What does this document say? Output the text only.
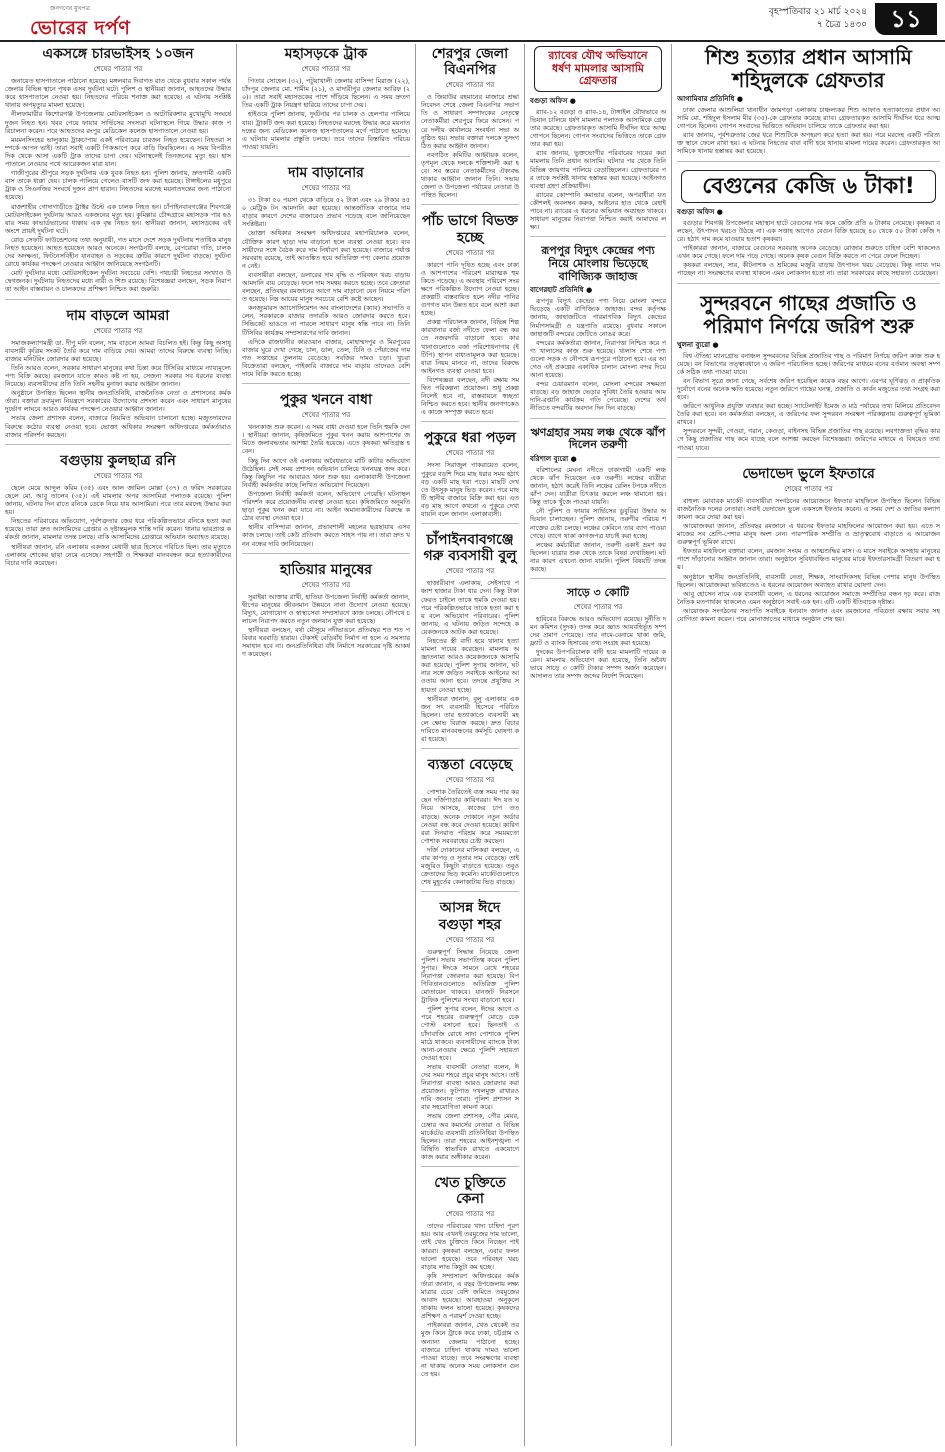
জনগণের মুখপত্র
ভোরের দর্পণ
বৃহস্পতিবার ২১ মার্চ ২০২৪
৭ চৈত্র ১৪৩০ ১১
একসঙ্গে চারভাইসহ ১০জন
শেষের পাতার পর

জনায়েত হাসপাতালে পাঠানো হয়েছে। মঙ্গলবার দিবাগত রাত থেকে বুধবার সকাল পর্যন্ত জেলার বিভিন্ন স্থানে পৃথক এসব দুর্ঘটনা ঘটে। পুলিশ ও স্থানীয়রা জানান, আহতদের উদ্ধার করে হাসপাতালে নেওয়া হয়। নিহতদের পরিচয় শনাক্ত করা হয়েছে। এ ঘটনায় সংশ্লিষ্ট থানায় অপমৃত্যুর মামলা হয়েছে।

নীলফামারীর কিশোরগঞ্জ উপজেলায় মোটরসাইকেল ও অটোরিকশার মুখোমুখি সংঘর্ষে দুজন নিহত হন। খবর পেয়ে ফায়ার সার্ভিসের সদস্যরা ঘটনাস্থলে গিয়ে উদ্ধার কাজ পরিচালনা করেন। পরে আহতদের রংপুর মেডিকেল কলেজ হাসপাতালে নেওয়া হয়।

ময়মনসিংহের ভালুকায় ট্রাকচাপায় একই পরিবারের চারজন নিহত হয়েছেন। নিহতরা সম্পর্কে আপন ভাই। তারা সবাই একটি পিকআপে করে বাড়ি ফিরছিলেন। এ সময় বিপরীত দিক থেকে আসা একটি ট্রাক তাদের চাপা দেয়। ঘটনাস্থলেই তিনজনের মৃত্যু হয়। হাসপাতালে নেওয়ার পথে আরেকজন মারা যান।

গাজীপুরের শ্রীপুরে সড়ক দুর্ঘটনায় এক যুবক নিহত হন। পুলিশ জানায়, দ্রুতগামী একটি বাস তাকে ধাক্কা দেয়। চালক পালিয়ে গেলেও বাসটি জব্দ করা হয়েছে। টাঙ্গাইলের মধুপুরে ট্রাক ও সিএনজির সংঘর্ষে দুজন প্রাণ হারান। নিহতদের মরদেহ ময়নাতদন্তের জন্য পাঠানো হয়েছে।

রাজশাহীর গোদাগাড়ীতে ট্রাক্টর উল্টে এক চালক নিহত হন। চাঁপাইনবাবগঞ্জের শিবগঞ্জে মোটরসাইকেল দুর্ঘটনায় আরও একজনের মৃত্যু হয়। কুমিল্লার চৌদ্দগ্রামে মহাসড়ক পার হওয়ার সময় কাভার্ডভ্যানের ধাক্কায় এক বৃদ্ধ নিহত হন। স্থানীয়রা জানান, মহাসড়কের এই অংশে প্রায়ই দুর্ঘটনা ঘটে।

রোড সেফটি ফাউন্ডেশনের তথ্য অনুযায়ী, গত মাসে দেশে সড়ক দুর্ঘটনায় শতাধিক মানুষ নিহত হয়েছেন। আহত হয়েছেন আরও অনেকে। সংগঠনটি বলছে, বেপরোয়া গতি, চালকদের অদক্ষতা, ফিটনেসবিহীন যানবাহন ও সড়কের ত্রুটির কারণে দুর্ঘটনা বাড়ছে। দুর্ঘটনা রোধে কার্যকর পদক্ষেপ নেওয়ার আহ্বান জানিয়েছে সংগঠনটি।

মোট দুর্ঘটনার মধ্যে মোটরসাইকেল দুর্ঘটনা সবচেয়ে বেশি। পথচারী নিহতের সংখ্যাও উদ্বেগজনক। দুর্ঘটনায় নিহতদের মধ্যে নারী ও শিশু রয়েছে। বিশেষজ্ঞরা বলছেন, সড়ক নিরাপত্তা আইন বাস্তবায়ন ও চালকদের প্রশিক্ষণ নিশ্চিত করা জরুরি।

দাম বাড়লে আমরা
শেষের পাতার পর

সমাজকল্যাণমন্ত্রী ডা. দীপু মনি বলেন, দাম বাড়লে আমরা বিচলিত হই। কিন্তু কিছু অসাধু ব্যবসায়ী কৃত্রিম সংকট তৈরি করে দাম বাড়িয়ে দেয়। আমরা তাদের বিরুদ্ধে ব্যবস্থা নিচ্ছি। বাজার মনিটরিং জোরদার করা হয়েছে।

তিনি আরও বলেন, সরকার সাধারণ মানুষের কথা চিন্তা করে টিসিবির মাধ্যমে ন্যায্যমূল্যে পণ্য বিক্রি করছে। রমজানে যাতে কারও কষ্ট না হয়, সেজন্য সরকার সব ধরনের ব্যবস্থা নিয়েছে। ব্যবসায়ীদের প্রতি তিনি সহনীয় মুনাফা করার আহ্বান জানান।

অনুষ্ঠানে উপস্থিত ছিলেন স্থানীয় জনপ্রতিনিধি, রাজনৈতিক নেতা ও প্রশাসনের কর্মকর্তারা। বক্তারা দ্রব্যমূল্য নিয়ন্ত্রণে সরকারের উদ্যোগের প্রশংসা করেন এবং সাধারণ মানুষের দুর্ভোগ লাঘবে আরও কার্যকর পদক্ষেপ নেওয়ার আহ্বান জানান।

সভায় জেলা প্রশাসক বলেন, বাজারে নিয়মিত অভিযান চালানো হচ্ছে। মজুতদারদের বিরুদ্ধে কঠোর ব্যবস্থা নেওয়া হবে। ভোক্তা অধিকার সংরক্ষণ অধিদপ্তরের কর্মকর্তারাও বাজার পরিদর্শন করছেন।

বগুড়ায় কুলছাত্র রনি
শেষের পাতার পর

ছেলে মেয়ে আব্দুল করিম (৩৫) এবং আল জামিল মোল্লা (৩৭) ও ফরিদ সরকারের ছেলে মো. আবু তালেব (৩৫)। এই মামলার অপর আসামিরা পলাতক রয়েছে। পুলিশ জানায়, ঘটনার দিন রাতে রনিকে ডেকে নিয়ে যায় আসামিরা। পরে তার মরদেহ উদ্ধার করা হয়।

নিহতের পরিবারের অভিযোগ, পূর্বশত্রুতার জের ধরে পরিকল্পিতভাবে রনিকে হত্যা করা হয়েছে। তারা দ্রুত আসামিদের গ্রেপ্তার ও দৃষ্টান্তমূলক শাস্তি দাবি করেন। থানার ভারপ্রাপ্ত কর্মকর্তা জানান, মামলার তদন্ত চলছে। বাকি আসামিদের গ্রেপ্তারে অভিযান অব্যাহত রয়েছে।

স্থানীয়রা জানান, রনি এলাকায় একজন মেধাবী ছাত্র হিসেবে পরিচিত ছিল। তার মৃত্যুতে এলাকায় শোকের ছায়া নেমে এসেছে। সহপাঠী ও শিক্ষকরা মানববন্ধন করে হত্যাকারীদের বিচার দাবি করেছেন।

মহাসড়কে ট্রাক
শেষের পাতার পর

পিতার সোহেল (৩২), পটুয়াখালী জেলার বাসিন্দা মিরাজ (২২), চাঁদপুর জেলার মো. শামীম (২১), ও মাদারীপুর জেলার আরিফ (২০)। তারা সবাই মহাসড়কের পাশে দাঁড়িয়ে ছিলেন। এ সময় দ্রুতগতির একটি ট্রাক নিয়ন্ত্রণ হারিয়ে তাদের চাপা দেয়।

হাইওয়ে পুলিশ জানায়, দুর্ঘটনার পর চালক ও হেলপার পালিয়ে যায়। ট্রাকটি জব্দ করা হয়েছে। নিহতদের মরদেহ উদ্ধার করে ময়নাতদন্তের জন্য মেডিকেল কলেজ হাসপাতালের মর্গে পাঠানো হয়েছে। এ ঘটনায় মামলার প্রস্তুতি চলছে। তবে তাদের বিস্তারিত পরিচয় পাওয়া যায়নি।

দাম বাড়ানোর
শেষের পাতার পর

৩১ টাকা ৫০ পয়সা থেকে বাড়িয়ে ৫২ টাকা এবং ২৯ টাকার ৪৫০ মেট্রিক টন আমদানি করা হয়েছে। আন্তর্জাতিক বাজারে দাম বাড়ার কারণে দেশের বাজারেও প্রভাব পড়েছে বলে জানিয়েছেন সংশ্লিষ্টরা।

ভোক্তা অধিকার সংরক্ষণ অধিদপ্তরের মহাপরিচালক বলেন, যৌক্তিক কারণ ছাড়া দাম বাড়ানো হলে ব্যবস্থা নেওয়া হবে। ব্যবসায়ীদের সঙ্গে বৈঠক করে দাম নির্ধারণ করা হয়েছে। বাজারে পর্যাপ্ত সরবরাহ রয়েছে, তাই আতঙ্কিত হয়ে অতিরিক্ত পণ্য কেনার প্রয়োজন নেই।

ব্যবসায়ীরা বলছেন, ডলারের দাম বৃদ্ধি ও পরিবহন খরচ বাড়ায় আমদানি ব্যয় বেড়েছে। ফলে দাম সমন্বয় করতে হচ্ছে। তবে ক্রেতারা বলছেন, প্রতিবছর রমজানের আগে দাম বাড়ানো যেন নিয়মে পরিণত হয়েছে। নিম্ন আয়ের মানুষ সবচেয়ে বেশি কষ্টে আছেন।

কনজ্যুমারস অ্যাসোসিয়েশন অব বাংলাদেশের (ক্যাব) সভাপতি বলেন, সরকারকে বাজার তদারকি আরও জোরদার করতে হবে। সিন্ডিকেট ভাঙতে না পারলে সাধারণ মানুষ স্বস্তি পাবে না। তিনি টিসিবির কার্যক্রম সম্প্রসারণের দাবি জানান।

এদিকে রাজধানীর কারওয়ান বাজার, মোহাম্মদপুর ও মিরপুরের বাজার ঘুরে দেখা গেছে, চাল, ডাল, তেল, চিনি ও পেঁয়াজের দাম গত সপ্তাহের তুলনায় বেড়েছে। সবজির দামও চড়া। খুচরা বিক্রেতারা বলছেন, পাইকারি বাজারে দাম বাড়ায় তাদেরও বেশি দামে বিক্রি করতে হচ্ছে।

পুকুর খননে বাধা
শেষের পাতার পর

খননকাজ শুরু করেন। এ সময় বাধা দেওয়া হলে তিনি হুমকি দেন। স্থানীয়রা জানান, কৃষিজমিতে পুকুর খনন করায় আশপাশের জমিতে জলাবদ্ধতার আশঙ্কা তৈরি হয়েছে। এতে কৃষকরা ক্ষতিগ্রস্ত হবেন।

কিছু দিন আগে ওই এলাকায় অবৈধভাবে মাটি কাটার অভিযোগ উঠেছিল। সেই সময় প্রশাসন অভিযান চালিয়ে খননযন্ত্র জব্দ করে। কিন্তু কিছুদিন পর আবারও খনন শুরু হয়। এলাকাবাসী উপজেলা নির্বাহী কর্মকর্তার কাছে লিখিত অভিযোগ দিয়েছেন।

উপজেলা নির্বাহী কর্মকর্তা বলেন, অভিযোগ পেয়েছি। ঘটনাস্থল পরিদর্শন করে প্রয়োজনীয় ব্যবস্থা নেওয়া হবে। কৃষিজমিতে অনুমতি ছাড়া পুকুর খনন করা যাবে না। আইন অমান্যকারীদের বিরুদ্ধে কঠোর ব্যবস্থা নেওয়া হবে।

স্থানীয় বাসিন্দারা জানান, প্রভাবশালী মহলের ছত্রছায়ায় এসব কাজ চলছে। তাই কেউ প্রতিবাদ করতে সাহস পায় না। তারা দ্রুত খনন বন্ধের দাবি জানিয়েছেন।

হাতিয়ার মানুষের
শেষের পাতার পর

সুরাইয়া আক্তার রাখী, হাতিয়া উপজেলা নির্বাহী কর্মকর্তা জানান, দ্বীপের মানুষের জীবনমান উন্নয়নে নানা উদ্যোগ নেওয়া হয়েছে। বিদ্যুৎ, যোগাযোগ ও স্বাস্থ্যসেবা সম্প্রসারণে কাজ চলছে। নৌপথে চলাচল নিরাপদ করতে নতুন জলযান যুক্ত করা হয়েছে।

স্থানীয়রা বলছেন, বর্ষা মৌসুমে নদীভাঙনে প্রতিবছর শত শত পরিবার ঘরবাড়ি হারায়। টেকসই বেড়িবাঁধ নির্মাণ না হলে এ সমস্যার সমাধান হবে না। জনপ্রতিনিধিরা বাঁধ নির্মাণে সরকারের দৃষ্টি আকর্ষণ করেছেন।

শেরপুর জেলা বিএনপির
শেষের পাতার পর

ও জিয়াউর রহমানের মাজারে শ্রদ্ধা নিবেদন শেষে জেলা বিএনপির সভাপতি ও সাধারণ সম্পাদকের নেতৃত্বে নেতাকর্মীরা শেরপুরে ফিরে আসেন। পরে দলীয় কার্যালয়ে সংবর্ধনা সভা অনুষ্ঠিত হয়। সভায় বক্তারা দলকে সুসংগঠিত করার আহ্বান জানান।

নবগঠিত কমিটির আহ্বায়ক বলেন, তৃণমূল থেকে দলকে শক্তিশালী করা হবে। সব স্তরের নেতাকর্মীদের ঐক্যবদ্ধ থাকার আহ্বান জানান তিনি। সভায় জেলা ও উপজেলা পর্যায়ের নেতারা উপস্থিত ছিলেন।

পাঁচ ভাগে বিভক্ত হচ্ছে
শেষের পাতার পর

কারণে পানি দূষিত হচ্ছে এবং ঢাকা ও আশপাশের পরিবেশ মারাত্মক হুমকিতে পড়েছে। এ অবস্থায় পরিবেশ সংরক্ষণে পরিকল্পিত উদ্যোগ নেওয়া হচ্ছে। প্রকল্পটি বাস্তবায়িত হলে নদীর পানির গুণগত মান উন্নত হবে বলে আশা করা হচ্ছে।

প্রকল্প পরিচালক জানান, বিভিন্ন শিল্পকারখানার বর্জ্য নদীতে ফেলা বন্ধ করতে নজরদারি বাড়ানো হবে। কারখানাগুলোতে বর্জ্য পরিশোধনাগার (ইটিপি) স্থাপন বাধ্যতামূলক করা হয়েছে। যারা নিয়ম মানবে না, তাদের বিরুদ্ধে আইনগত ব্যবস্থা নেওয়া হবে।

বিশেষজ্ঞরা বলছেন, নদী রক্ষায় সমন্বিত পরিকল্পনা প্রয়োজন। শুধু প্রকল্প নিলেই হবে না, বাস্তবায়নে স্বচ্ছতা নিশ্চিত করতে হবে। স্থানীয় জনগণকেও এ কাজে সম্পৃক্ত করতে হবে।

পুকুরে ধরা পড়ল
শেষের পাতার পর

সদস্য সিরাজুল পাকরায়েত বলেন, পুকুরে বড়শি দিয়ে মাছ ধরার সময় হঠাৎ বড় একটি মাছ ধরা পড়ে। মাছটি দেখতে উৎসুক মানুষ ভিড় করেন। পরে মাছটি স্থানীয় বাজারে বিক্রি করা হয়। এত বড় মাছ আগে কখনো এ পুকুরে দেখা যায়নি বলে জানান এলাকাবাসী।

চাঁপাইনবাবগঞ্জে গরু ব্যবসায়ী বুলু
শেষের পাতার পর

হাজারীবাগ এলাকায়, সেইসাথে পঞ্চাশ হাজার টাকা ধার দেন। কিন্তু টাকা ফেরত চাইলে তাকে হুমকি দেওয়া হয়। পরে পরিকল্পিতভাবে তাকে হত্যা করা হয় বলে অভিযোগ পরিবারের। পুলিশ জানায়, এ ঘটনায় জড়িত সন্দেহে কয়েকজনকে আটক করা হয়েছে।

নিহতের স্ত্রী বাদী হয়ে থানায় হত্যা মামলা দায়ের করেছেন। মামলায় অজ্ঞাতনামা আরও কয়েকজনকে আসামি করা হয়েছে। পুলিশ সুপার জানান, ঘটনার সঙ্গে জড়িত সবাইকে আইনের আওতায় আনা হবে। তদন্তে প্রযুক্তির সহায়তা নেওয়া হচ্ছে।

স্থানীয়রা জানান, বুলু এলাকায় একজন সৎ ব্যবসায়ী হিসেবে পরিচিত ছিলেন। তার হত্যাকাণ্ডে ব্যবসায়ী মহলে ক্ষোভ বিরাজ করছে। দ্রুত বিচার দাবিতে মানববন্ধনের কর্মসূচি ঘোষণা করা হয়েছে।

ব্যস্ততা বেড়েছে
শেষের পাতার পর

পোশাক তৈরিতেই ব্যস্ত সময় পার করছেন দর্জিপাড়ার কারিগররা। ঈদ যত ঘনিয়ে আসছে, কাজের চাপ তত বাড়ছে। অনেক দোকানে নতুন অর্ডার নেওয়া বন্ধ করে দেওয়া হয়েছে। কারিগররা দিনরাত পরিশ্রম করে সময়মতো পোশাক সরবরাহের চেষ্টা করছেন।

দর্জি দোকানের মালিকরা বলছেন, এবার কাপড় ও সুতার দাম বেড়েছে। তাই মজুরিও কিছুটা বাড়াতে হয়েছে। তবুও ক্রেতাদের ভিড় কমেনি। মার্কেটগুলোতে শেষ মুহূর্তের কেনাকাটায় ভিড় বাড়ছে।

আসন্ন ঈদে বগুড়া শহর
শেষের পাতার পর

গুরুত্বপূর্ণ সিদ্ধান্ত নিয়েছে জেলা পুলিশ। সভায় সভাপতিত্ব করেন পুলিশ সুপার। ঈদকে সামনে রেখে শহরের নিরাপত্তা জোরদার করা হয়েছে। বিপণিবিতানগুলোতে অতিরিক্ত পুলিশ মোতায়েন থাকবে। যানজট নিরসনে ট্রাফিক পুলিশের সংখ্যা বাড়ানো হবে।

পুলিশ সুপার বলেন, ঈদের আগে ও পরে শহরের গুরুত্বপূর্ণ মোড়ে চেকপোস্ট বসানো হবে। ছিনতাই ও চাঁদাবাজি রোধে সাদা পোশাকে পুলিশ মাঠে থাকবে। ব্যবসায়ীদের ব্যাংকে টাকা আনা-নেওয়ার ক্ষেত্রে পুলিশি সহায়তা দেওয়া হবে।

সভায় ব্যবসায়ী নেতারা বলেন, ঈদের সময় শহরে প্রচুর মানুষ আসে। তাই নিরাপত্তা ব্যবস্থা আরও জোরদার করা প্রয়োজন। ফুটপাত দখলমুক্ত রাখারও দাবি জানান তারা। পুলিশ প্রশাসন সবার সহযোগিতা কামনা করে।

সভায় জেলা প্রশাসক, পৌর মেয়র, চেম্বার অব কমার্সের নেতারা ও বিভিন্ন মার্কেটের ব্যবসায়ী প্রতিনিধিরা উপস্থিত ছিলেন। তারা শহরের আইনশৃঙ্খলা পরিস্থিতি স্বাভাবিক রাখতে একযোগে কাজ করার অঙ্গীকার করেন।

খেত চুক্তিতে কেনা
শেষের পাতার পর

তাদের পরিবারের খাদ্য চাহিদা পূরণ হয়। আর এখনই তরমুজের দাম ভালো, তাই খেত চুক্তিতে কিনে নিচ্ছেন পাইকাররা। কৃষকরা বলছেন, এবার ফলন ভালো হয়েছে। তবে পরিবহন খরচ বাড়ায় লাভ কিছুটা কম হচ্ছে।

কৃষি সম্প্রসারণ অধিদপ্তরের কর্মকর্তারা জানান, এ বছর উপজেলায় লক্ষ্যমাত্রার চেয়ে বেশি জমিতে তরমুজের আবাদ হয়েছে। আবহাওয়া অনুকূলে থাকায় ফলন ভালো হয়েছে। কৃষকদের প্রশিক্ষণ ও পরামর্শ দেওয়া হচ্ছে।

পাইকাররা জানান, খেত থেকেই তরমুজ কিনে ট্রাকে করে ঢাকা, চট্টগ্রাম ও অন্যান্য জেলায় পাঠানো হচ্ছে। বাজারে চাহিদা থাকায় দামও ভালো পাওয়া যাচ্ছে। তবে সংরক্ষণের ব্যবস্থা না থাকায় অনেক সময় লোকসান গুনতে হয়।

র‍্যাবের যৌথ অভিযানে ধর্ষণ মামলার আসামি গ্রেফতার
বগুড়া অফিস ●

র‍্যাব-১২ বগুড়া ও র‍্যাব-১৪, টাঙ্গাইল যৌথভাবে অভিযান চালিয়ে ধর্ষণ মামলার পলাতক আসামিকে গ্রেফতার করেছে। গ্রেফতারকৃত আসামি দীর্ঘদিন ধরে আত্মগোপনে ছিলেন। গোপন সংবাদের ভিত্তিতে তাকে গ্রেফতার করা হয়।

র‍্যাব জানায়, ভুক্তভোগীর পরিবারের দায়ের করা মামলায় তিনি প্রধান আসামি। ঘটনার পর থেকে তিনি বিভিন্ন জায়গায় পালিয়ে বেড়াচ্ছিলেন। গ্রেফতারের পর তাকে সংশ্লিষ্ট থানায় হস্তান্তর করা হয়েছে। আইনগত ব্যবস্থা গ্রহণ প্রক্রিয়াধীন।

র‍্যাবের কোম্পানি কমান্ডার বলেন, অপরাধীরা যত কৌশলই অবলম্বন করুক, আইনের হাত থেকে রেহাই পাবে না। র‍্যাবের এ ধরনের অভিযান অব্যাহত থাকবে। সাধারণ মানুষের নিরাপত্তা নিশ্চিত করাই আমাদের লক্ষ্য।

রূপপুর বিদ্যুৎ কেন্দ্রের পণ্য নিয়ে মোংলায় ভিড়েছে বাণিজ্যিক জাহাজ
বাগেরহাট প্রতিনিধি ●

রূপপুর বিদ্যুৎ কেন্দ্রের পণ্য নিয়ে মোংলা বন্দরে ভিড়েছে একটি বাণিজ্যিক জাহাজ। বন্দর কর্তৃপক্ষ জানায়, জাহাজটিতে পারমাণবিক বিদ্যুৎ কেন্দ্রের নির্মাণসামগ্রী ও যন্ত্রপাতি রয়েছে। বুধবার সকালে জাহাজটি বন্দরের জেটিতে নোঙর করে।

বন্দরের কর্মকর্তারা জানান, নিরাপত্তা নিশ্চিত করে পণ্য খালাসের কাজ শুরু হয়েছে। খালাস শেষে পণ্যগুলো সড়ক ও নৌপথে রূপপুরে পাঠানো হবে। এর আগেও এই প্রকল্পের একাধিক চালান মোংলা বন্দর দিয়ে আনা হয়েছে।

বন্দর চেয়ারম্যান বলেন, মোংলা বন্দরের সক্ষমতা বাড়ছে। বড় জাহাজ ভেড়ার সুবিধা তৈরি হওয়ায় আমদানি-রপ্তানি কার্যক্রম গতি পেয়েছে। দেশের অর্থনীতিতে বন্দরটির অবদান দিন দিন বাড়ছে।

ঋণগ্রহার সময় লঞ্চ থেকে ঝাঁপ দিলেন তরুণী
বরিশাল ব্যুরো ●

বরিশালের মেঘনা নদীতে ঢাকাগামী একটি লঞ্চ থেকে ঝাঁপ দিয়েছেন এক তরুণী। লঞ্চের যাত্রীরা জানান, হঠাৎ করেই তিনি লঞ্চের রেলিং টপকে নদীতে ঝাঁপ দেন। যাত্রীরা চিৎকার করলে লঞ্চ থামানো হয়। কিন্তু তাকে খুঁজে পাওয়া যায়নি।

নৌ পুলিশ ও ফায়ার সার্ভিসের ডুবুরিরা উদ্ধার অভিযান চালাচ্ছেন। পুলিশ জানায়, তরুণীর পরিচয় শনাক্তের চেষ্টা চলছে। লঞ্চের কেবিনে তার ব্যাগ পাওয়া গেছে। ব্যাগে থাকা কাগজপত্র যাচাই করা হচ্ছে।

লঞ্চের কর্মচারীরা জানান, তরুণী একাই ভ্রমণ করছিলেন। যাত্রার শুরু থেকে তাকে বিষণ্ণ দেখাচ্ছিল। ঘটনার কারণ এখনো জানা যায়নি। পুলিশ বিষয়টি তদন্ত করছে।

সাড়ে ৩ কোটি
শেষের পাতার পর

হাবিবের বিরুদ্ধে আরও অভিযোগ রয়েছে। দুর্নীতি দমন কমিশন (দুদক) তদন্ত করে জ্ঞাত আয়বহির্ভূত সম্পদের প্রমাণ পেয়েছে। তার নামে-বেনামে থাকা জমি, ফ্ল্যাট ও ব্যাংক হিসাবের তথ্য সংগ্রহ করা হয়েছে।

দুদকের উপপরিচালক বাদী হয়ে মামলাটি দায়ের করেন। মামলায় অভিযোগ করা হয়েছে, তিনি অবৈধভাবে সাড়ে ৩ কোটি টাকার সম্পদ অর্জন করেছেন। আদালত তার সম্পদ জব্দের নির্দেশ দিয়েছেন।

শিশু হত্যার প্রধান আসামি শহিদুলকে গ্রেফতার
আগামিবার প্রতিনিধি ●

ঢাকা জেলার আশুলিয়া থানাধীন জামগড়া এলাকায় চাঞ্চল্যকর শিশু আফাত হত্যাকাণ্ডের প্রধান আসামি মো. শহিদুল ইসলাম মীর (৩৫)-কে গ্রেফতার করেছে র‍্যাব। গ্রেফতারকৃত আসামি দীর্ঘদিন ধরে আত্মগোপনে ছিলেন। গোপন সংবাদের ভিত্তিতে অভিযান চালিয়ে তাকে গ্রেফতার করা হয়।

র‍্যাব জানায়, পূর্বশত্রুতার জের ধরে শিশুটিকে অপহরণ করে হত্যা করা হয়। পরে মরদেহ একটি পরিত্যক্ত স্থানে ফেলে রাখা হয়। এ ঘটনায় নিহতের বাবা বাদী হয়ে থানায় মামলা দায়ের করেন। গ্রেফতারকৃত আসামিকে থানায় হস্তান্তর করা হয়েছে।

বেগুনের কেজি ৬ টাকা!
বগুড়া অফিস ●

বগুড়ার শিবগঞ্জ উপজেলার মহাস্থান হাটে বেগুনের দাম কমে কেজি প্রতি ৬ টাকায় নেমেছে। কৃষকরা বলছেন, উৎপাদন খরচও উঠছে না। এক সপ্তাহ আগেও বেগুন বিক্রি হয়েছে ৪০ থেকে ৫০ টাকা কেজি দরে। হঠাৎ দাম কমে যাওয়ায় হতাশ কৃষকরা।

পাইকাররা জানান, বাজারে বেগুনের সরবরাহ অনেক বেড়েছে। রোজার শুরুতে চাহিদা বেশি থাকলেও এখন কমে গেছে। ফলে দাম পড়ে গেছে। অনেক কৃষক বেগুন বিক্রি করতে না পেরে ফেলে দিচ্ছেন।

কৃষকরা বলছেন, সার, কীটনাশক ও শ্রমিকের মজুরি বাড়ায় উৎপাদন খরচ বেড়েছে। কিন্তু ন্যায্য দাম পাচ্ছেন না। সংরক্ষণের ব্যবস্থা থাকলে এমন লোকসান হতো না। তারা সরকারের কাছে সহায়তা চেয়েছেন।

সুন্দরবনে গাছের প্রজাতি ও পরিমাণ নির্ণয়ে জরিপ শুরু
খুলনা ব্যুরো ●

বিশ্ব ঐতিহ্য ম্যানগ্রোভ বনাঞ্চল সুন্দরবনের বিভিন্ন প্রজাতির গাছ ও পরিমাণ নির্ণয়ে জরিপ কাজ শুরু হয়েছে। বন বিভাগের তত্ত্বাবধানে এ জরিপ পরিচালিত হচ্ছে। জরিপের মাধ্যমে বনের বর্তমান অবস্থা সম্পর্কে সঠিক তথ্য পাওয়া যাবে।

বন বিভাগ সূত্রে জানা গেছে, সর্বশেষ জরিপ হয়েছিল কয়েক বছর আগে। এরপর ঘূর্ণিঝড় ও প্রাকৃতিক দুর্যোগে বনের অনেক ক্ষতি হয়েছে। নতুন জরিপে গাছের ঘনত্ব, প্রজাতি ও কার্বন মজুতের তথ্য সংগ্রহ করা হবে।

জরিপে আধুনিক প্রযুক্তি ব্যবহার করা হচ্ছে। স্যাটেলাইট ইমেজ ও মাঠ পর্যায়ের তথ্য মিলিয়ে প্রতিবেদন তৈরি করা হবে। বন কর্মকর্তারা বলছেন, এ জরিপের ফল সুন্দরবন সংরক্ষণ পরিকল্পনায় গুরুত্বপূর্ণ ভূমিকা রাখবে।

সুন্দরবনে সুন্দরী, গেওয়া, গরান, কেওড়া, বাইনসহ বিভিন্ন প্রজাতির গাছ রয়েছে। লবণাক্ততা বৃদ্ধির কারণে কিছু প্রজাতির গাছ কমে যাচ্ছে বলে আশঙ্কা করছেন বিশেষজ্ঞরা। জরিপের মাধ্যমে এ বিষয়েও তথ্য পাওয়া যাবে।

ভেদাভেদ ভুলে ইফতারে
শেষের পাতার পর

বাহুল্য মোবারক মার্কেট ব্যবসায়ীরা সংগঠনের আয়োজনে ইফতার মাহফিলে উপস্থিত ছিলেন বিভিন্ন রাজনৈতিক দলের নেতারা। সবাই ভেদাভেদ ভুলে একসঙ্গে ইফতার করেন। এ সময় দেশ ও জাতির কল্যাণ কামনা করে দোয়া করা হয়।

আয়োজকরা জানান, প্রতিবছর রমজানে এ ধরনের ইফতার মাহফিলের আয়োজন করা হয়। এতে সমাজের সব শ্রেণি-পেশার মানুষ অংশ নেন। পারস্পরিক সম্প্রীতি ও ভ্রাতৃত্ববোধ বাড়াতে এ আয়োজন গুরুত্বপূর্ণ ভূমিকা রাখে।

ইফতার মাহফিলে বক্তারা বলেন, রমজান সংযম ও আত্মশুদ্ধির মাস। এ মাসে সবাইকে অসহায় মানুষের পাশে দাঁড়ানোর আহ্বান জানান তারা। অনুষ্ঠানে সুবিধাবঞ্চিত মানুষের মাঝে ইফতারসামগ্রী বিতরণ করা হয়।

অনুষ্ঠানে স্থানীয় জনপ্রতিনিধি, ব্যবসায়ী নেতা, শিক্ষক, সাংবাদিকসহ বিভিন্ন পেশার মানুষ উপস্থিত ছিলেন। আয়োজকরা ভবিষ্যতেও এ ধরনের আয়োজন অব্যাহত রাখার ঘোষণা দেন।

আবু হোসেন নামে এক ব্যবসায়ী বলেন, এ ধরনের আয়োজন সমাজে সম্প্রীতির বন্ধন দৃঢ় করে। রাজনৈতিক মতপার্থক্য থাকলেও এমন অনুষ্ঠানে সবাই এক হন। এটি একটি ইতিবাচক দৃষ্টান্ত।

আয়োজক সংগঠনের সভাপতি সবাইকে ধন্যবাদ জানান এবং রমজানের পবিত্রতা রক্ষায় সবার সহযোগিতা কামনা করেন। পরে মোনাজাতের মাধ্যমে অনুষ্ঠান শেষ হয়।
